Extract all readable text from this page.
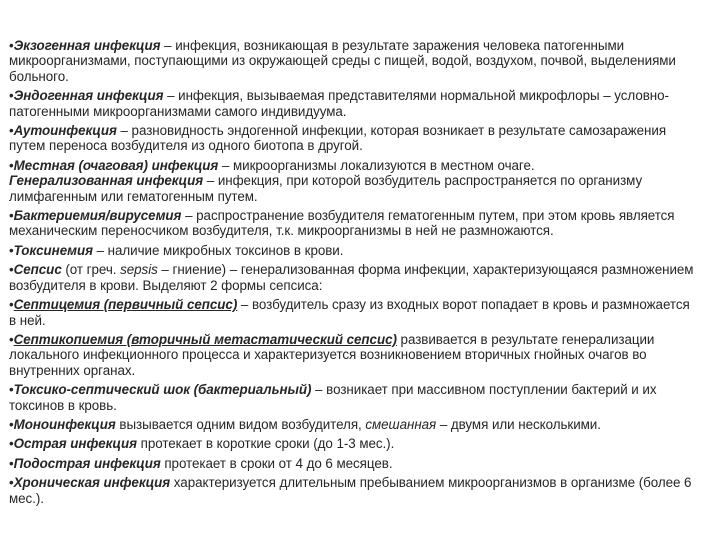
•Экзогенная инфекция – инфекция, возникающая в результате заражения человека патогенными микроорганизмами, поступающими из окружающей среды с пищей, водой, воздухом, почвой, выделениями больного.

•Эндогенная инфекция – инфекция, вызываемая представителями нормальной микрофлоры – условно-патогенными микроорганизмами самого индивидуума.

•Аутоинфекция – разновидность эндогенной инфекции, которая возникает в результате самозаражения путем переноса возбудителя из одного биотопа в другой.

•Местная (очаговая) инфекция – микроорганизмы локализуются в местном очаге.

Генерализованная инфекция – инфекция, при которой возбудитель распространяется по организму лимфагенным или гематогенным путем.

•Бактериемия/вирусемия – распространение возбудителя гематогенным путем, при этом кровь является механическим переносчиком возбудителя, т.к. микроорганизмы в ней не размножаются.

•Токсинемия – наличие микробных токсинов в крови.

•Сепсис (от греч. sepsis – гниение) – генерализованная форма инфекции, характеризующаяся размножением возбудителя в крови. Выделяют 2 формы сепсиса:

•Септицемия (первичный сепсис) – возбудитель сразу из входных ворот попадает в кровь и размножается в ней.

•Септикопиемия (вторичный метастатический сепсис) развивается в результате генерализации локального инфекционного процесса и характеризуется возникновением вторичных гнойных очагов во внутренних органах.

•Токсико-септический шок (бактериальный) – возникает при массивном поступлении бактерий и их токсинов в кровь.

•Моноинфекция вызывается одним видом возбудителя, смешанная – двумя или несколькими.

•Острая инфекция протекает в короткие сроки (до 1-3 мес.).

•Подострая инфекция протекает в сроки от 4 до 6 месяцев.

•Хроническая инфекция характеризуется длительным пребыванием микроорганизмов в организме (более 6 мес.).
